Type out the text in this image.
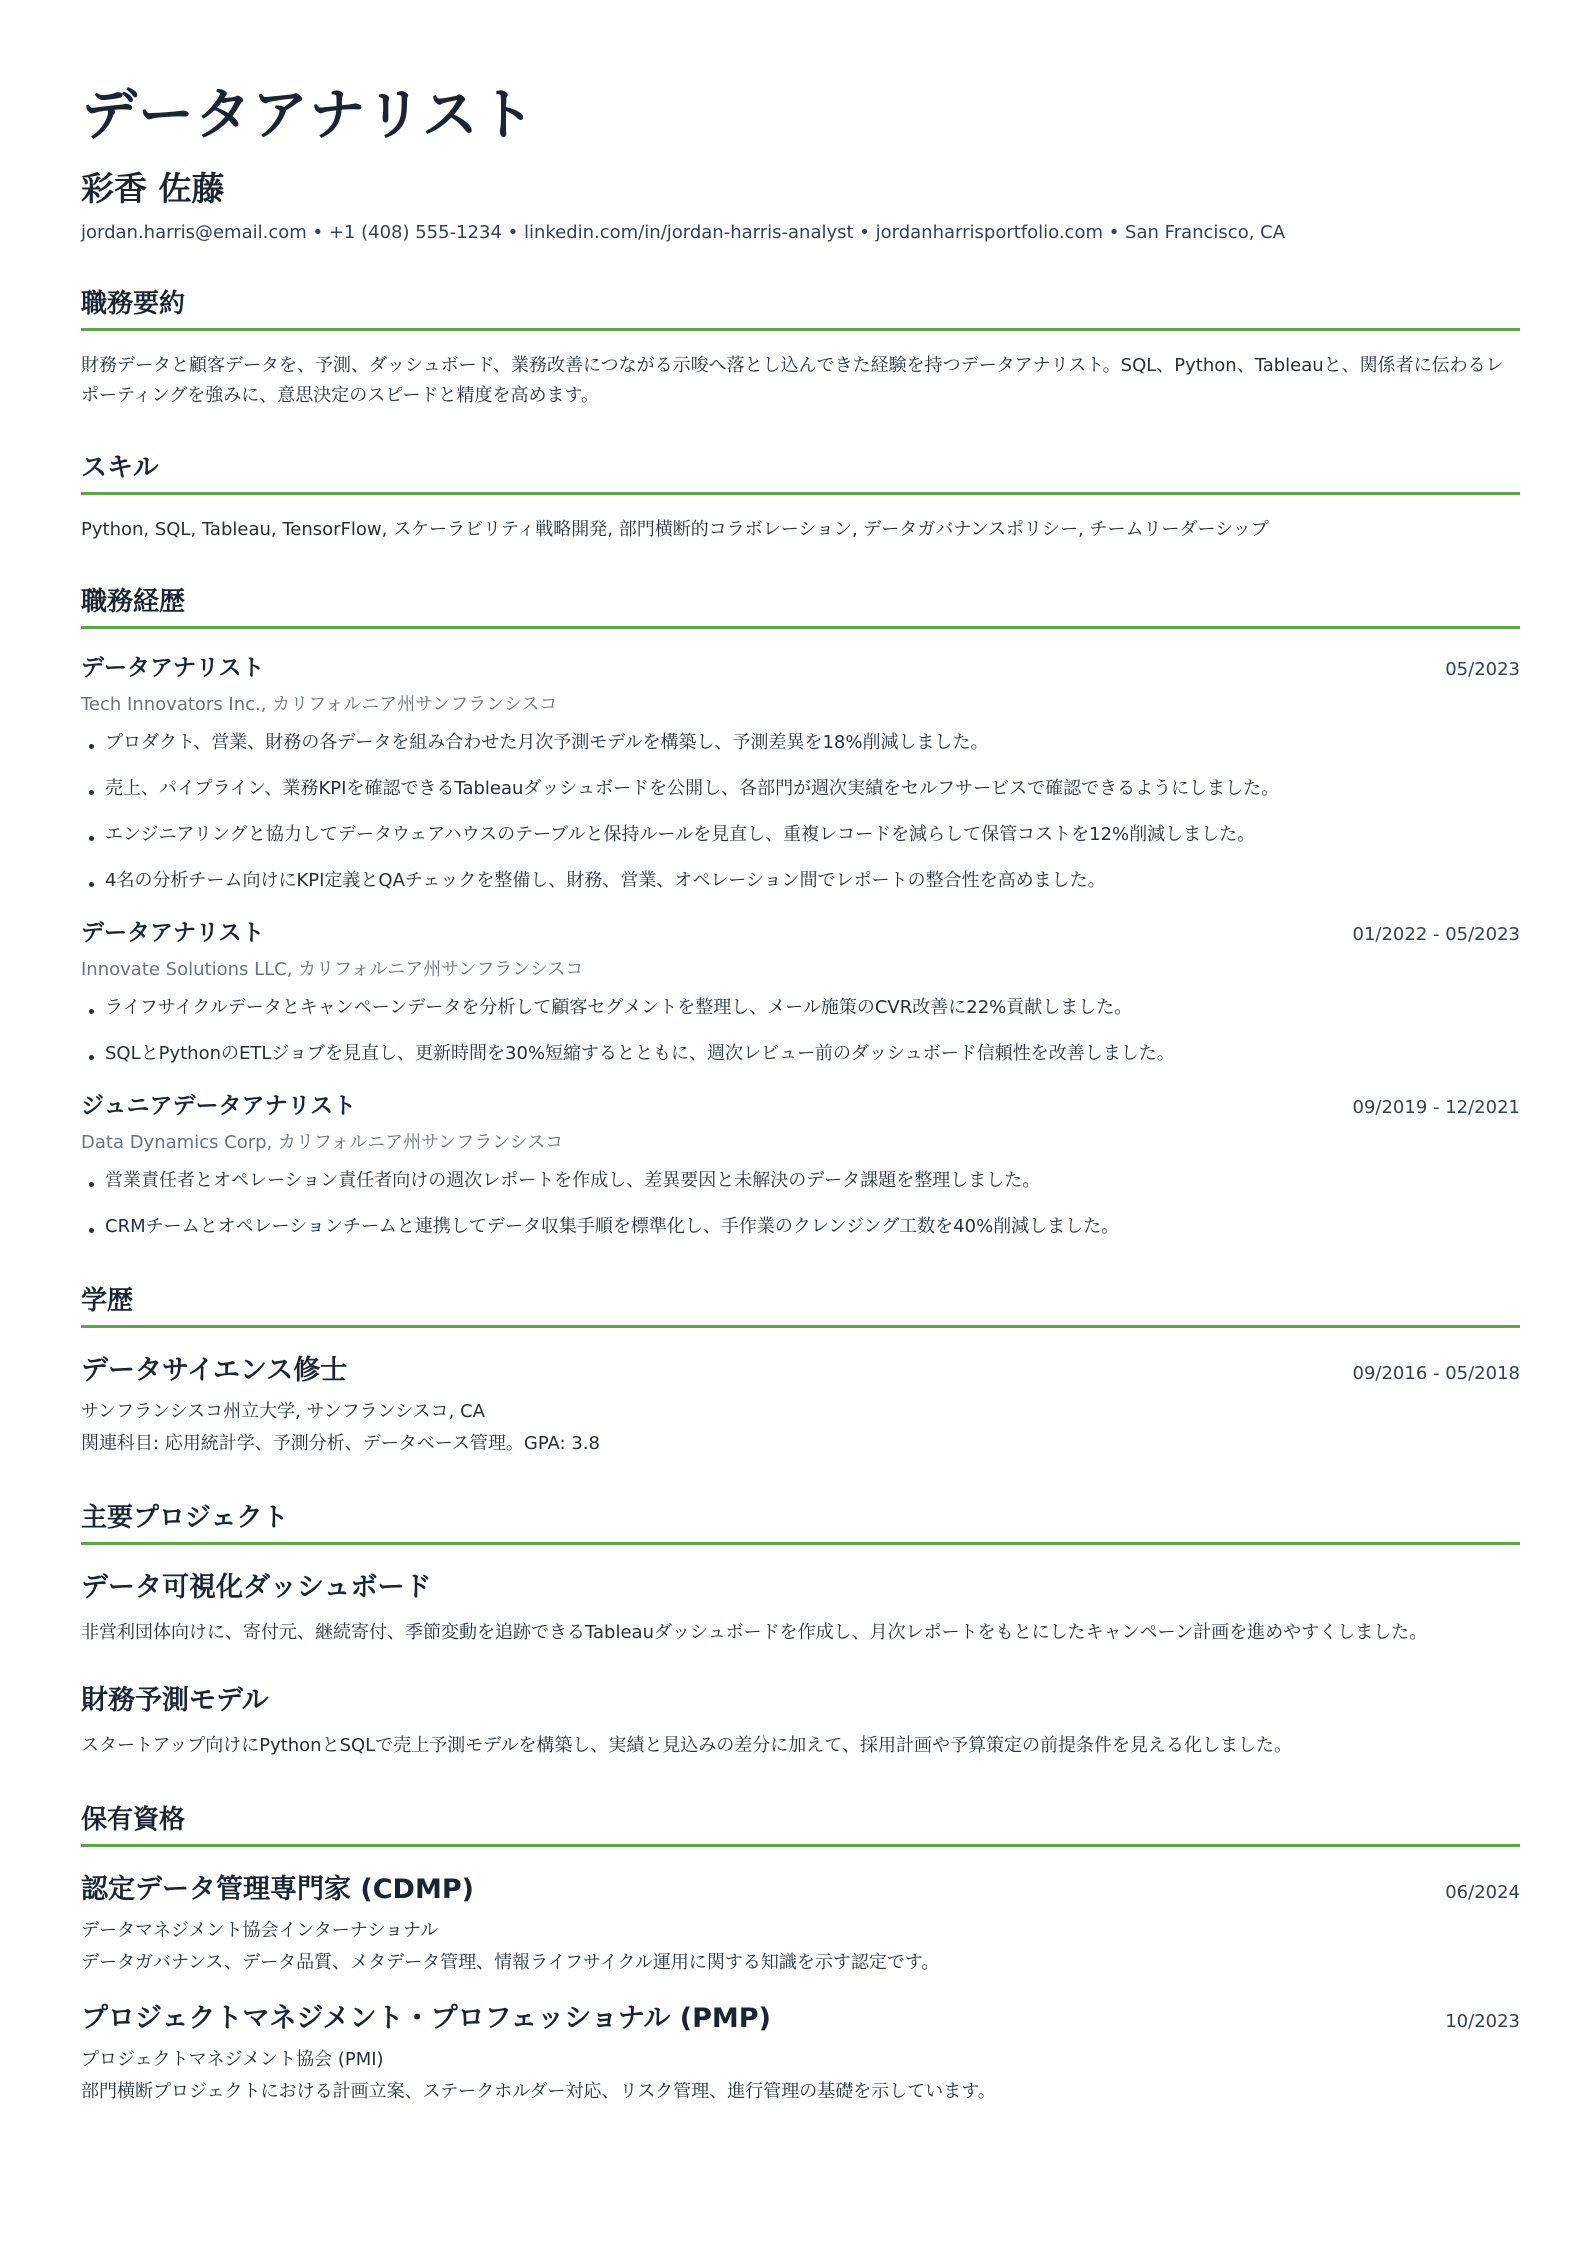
データアナリスト
彩香 佐藤

jordan.harris@email.com • +1 (408) 555-1234 • linkedin.com/in/jordan-harris-analyst • jordanharrisportfolio.com • San Francisco, CA

職務要約

財務データと顧客データを、予測、ダッシュボード、業務改善につながる示唆へ落とし込んできた経験を持つデータアナリスト。SQL、Python、Tableauと、関係者に伝わるレポーティングを強みに、意思決定のスピードと精度を高めます。

スキル

Python, SQL, Tableau, TensorFlow, スケーラビリティ戦略開発, 部門横断的コラボレーション, データガバナンスポリシー, チームリーダーシップ

職務経歴
データアナリスト	05/2023
Tech Innovators Inc., カリフォルニア州サンフランシスコ
プロダクト、営業、財務の各データを組み合わせた月次予測モデルを構築し、予測差異を18%削減しました。
売上、パイプライン、業務KPIを確認できるTableauダッシュボードを公開し、各部門が週次実績をセルフサービスで確認できるようにしました。
エンジニアリングと協力してデータウェアハウスのテーブルと保持ルールを見直し、重複レコードを減らして保管コストを12%削減しました。
4名の分析チーム向けにKPI定義とQAチェックを整備し、財務、営業、オペレーション間でレポートの整合性を高めました。
データアナリスト	01/2022 - 05/2023
Innovate Solutions LLC, カリフォルニア州サンフランシスコ
ライフサイクルデータとキャンペーンデータを分析して顧客セグメントを整理し、メール施策のCVR改善に22%貢献しました。
SQLとPythonのETLジョブを見直し、更新時間を30%短縮するとともに、週次レビュー前のダッシュボード信頼性を改善しました。
ジュニアデータアナリスト	09/2019 - 12/2021
Data Dynamics Corp, カリフォルニア州サンフランシスコ
営業責任者とオペレーション責任者向けの週次レポートを作成し、差異要因と未解決のデータ課題を整理しました。
CRMチームとオペレーションチームと連携してデータ収集手順を標準化し、手作業のクレンジング工数を40%削減しました。
学歴
データサイエンス修士	09/2016 - 05/2018
サンフランシスコ州立大学, サンフランシスコ, CA
関連科目: 応用統計学、予測分析、データベース管理。GPA: 3.8
主要プロジェクト
データ可視化ダッシュボード

非営利団体向けに、寄付元、継続寄付、季節変動を追跡できるTableauダッシュボードを作成し、月次レポートをもとにしたキャンペーン計画を進めやすくしました。

財務予測モデル

スタートアップ向けにPythonとSQLで売上予測モデルを構築し、実績と見込みの差分に加えて、採用計画や予算策定の前提条件を見える化しました。

保有資格
認定データ管理専門家 (CDMP)	06/2024
データマネジメント協会インターナショナル
データガバナンス、データ品質、メタデータ管理、情報ライフサイクル運用に関する知識を示す認定です。
プロジェクトマネジメント・プロフェッショナル (PMP)	10/2023
プロジェクトマネジメント協会 (PMI)
部門横断プロジェクトにおける計画立案、ステークホルダー対応、リスク管理、進行管理の基礎を示しています。
